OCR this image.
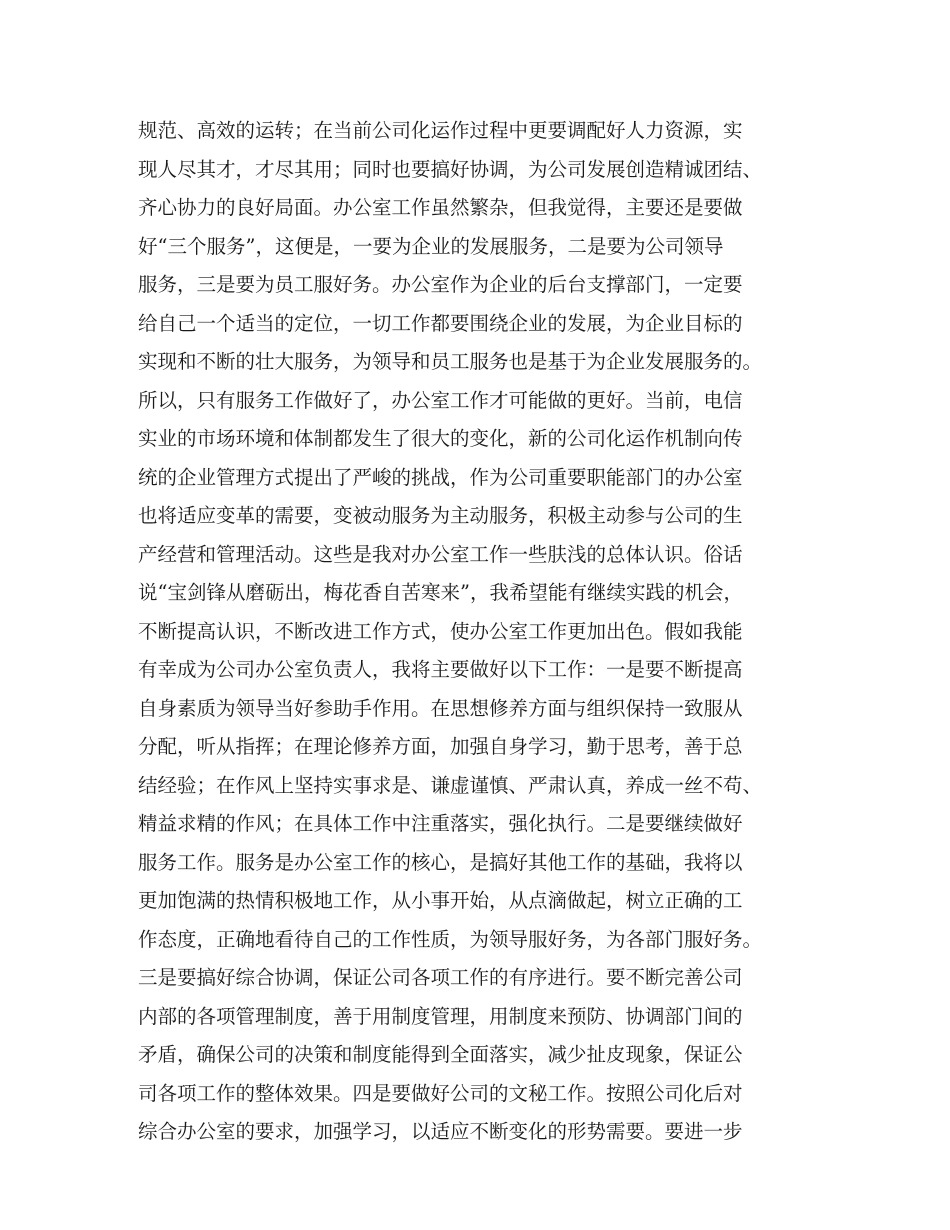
规范、高效的运转；在当前公司化运作过程中更要调配好人力资源，实
现人尽其才，才尽其用；同时也要搞好协调，为公司发展创造精诚团结、
齐心协力的良好局面。办公室工作虽然繁杂，但我觉得，主要还是要做
好“三个服务”，这便是，一要为企业的发展服务，二是要为公司领导
服务，三是要为员工服好务。办公室作为企业的后台支撑部门，一定要
给自己一个适当的定位，一切工作都要围绕企业的发展，为企业目标的
实现和不断的壮大服务，为领导和员工服务也是基于为企业发展服务的。
所以，只有服务工作做好了，办公室工作才可能做的更好。当前，电信
实业的市场环境和体制都发生了很大的变化，新的公司化运作机制向传
统的企业管理方式提出了严峻的挑战，作为公司重要职能部门的办公室
也将适应变革的需要，变被动服务为主动服务，积极主动参与公司的生
产经营和管理活动。这些是我对办公室工作一些肤浅的总体认识。俗话
说“宝剑锋从磨砺出，梅花香自苦寒来”，我希望能有继续实践的机会，
不断提高认识，不断改进工作方式，使办公室工作更加出色。假如我能
有幸成为公司办公室负责人，我将主要做好以下工作：一是要不断提高
自身素质为领导当好参助手作用。在思想修养方面与组织保持一致服从
分配，听从指挥；在理论修养方面，加强自身学习，勤于思考，善于总
结经验；在作风上坚持实事求是、谦虚谨慎、严肃认真，养成一丝不苟、
精益求精的作风；在具体工作中注重落实，强化执行。二是要继续做好
服务工作。服务是办公室工作的核心，是搞好其他工作的基础，我将以
更加饱满的热情积极地工作，从小事开始，从点滴做起，树立正确的工
作态度，正确地看待自己的工作性质，为领导服好务，为各部门服好务。
三是要搞好综合协调，保证公司各项工作的有序进行。要不断完善公司
内部的各项管理制度，善于用制度管理，用制度来预防、协调部门间的
矛盾，确保公司的决策和制度能得到全面落实，减少扯皮现象，保证公
司各项工作的整体效果。四是要做好公司的文秘工作。按照公司化后对
综合办公室的要求，加强学习，以适应不断变化的形势需要。要进一步
